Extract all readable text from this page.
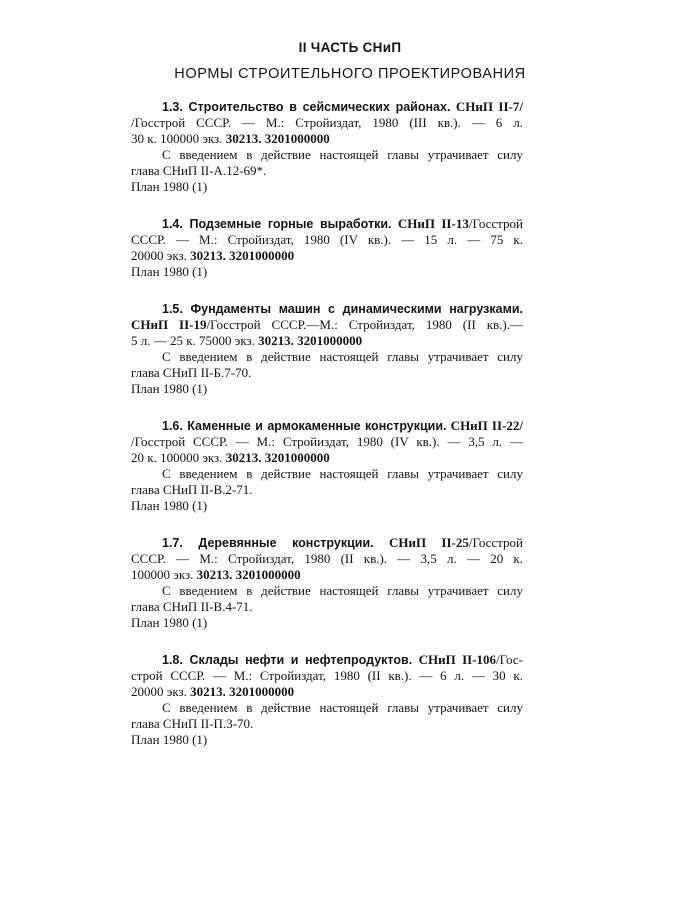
II ЧАСТЬ СНиП
НОРМЫ СТРОИТЕЛЬНОГО ПРОЕКТИРОВАНИЯ
1.3. Строительство в сейсмических районах. СНиП II-7/
/Госстрой СССР. — М.: Стройиздат, 1980 (III кв.). — 6 л.
30 к. 100000 экз. 30213. 3201000000
С введением в действие настоящей главы утрачивает силу
глава СНиП II-А.12-69*.
План 1980 (1)
1.4. Подземные горные выработки. СНиП II-13/Госстрой
СССР. — М.: Стройиздат, 1980 (IV кв.). — 15 л. — 75 к.
20000 экз. 30213. 3201000000
План 1980 (1)
1.5. Фундаменты машин с динамическими нагрузками.
СНиП II-19/Госстрой СССР.—М.: Стройиздат, 1980 (II кв.).—
5 л. — 25 к. 75000 экз. 30213. 3201000000
С введением в действие настоящей главы утрачивает силу
глава СНиП II-Б.7-70.
План 1980 (1)
1.6. Каменные и армокаменные конструкции. СНиП II-22/
/Госстрой СССР. — М.: Стройиздат, 1980 (IV кв.). — 3,5 л. —
20 к. 100000 экз. 30213. 3201000000
С введением в действие настоящей главы утрачивает силу
глава СНиП II-В.2-71.
План 1980 (1)
1.7. Деревянные конструкции. СНиП II-25/Госстрой
СССР. — М.: Стройиздат, 1980 (II кв.). — 3,5 л. — 20 к.
100000 экз. 30213. 3201000000
С введением в действие настоящей главы утрачивает силу
глава СНиП II-В.4-71.
План 1980 (1)
1.8. Склады нефти и нефтепродуктов. СНиП II-106/Гос-
строй СССР. — М.: Стройиздат, 1980 (II кв.). — 6 л. — 30 к.
20000 экз. 30213. 3201000000
С введением в действие настоящей главы утрачивает силу
глава СНиП II-П.3-70.
План 1980 (1)
